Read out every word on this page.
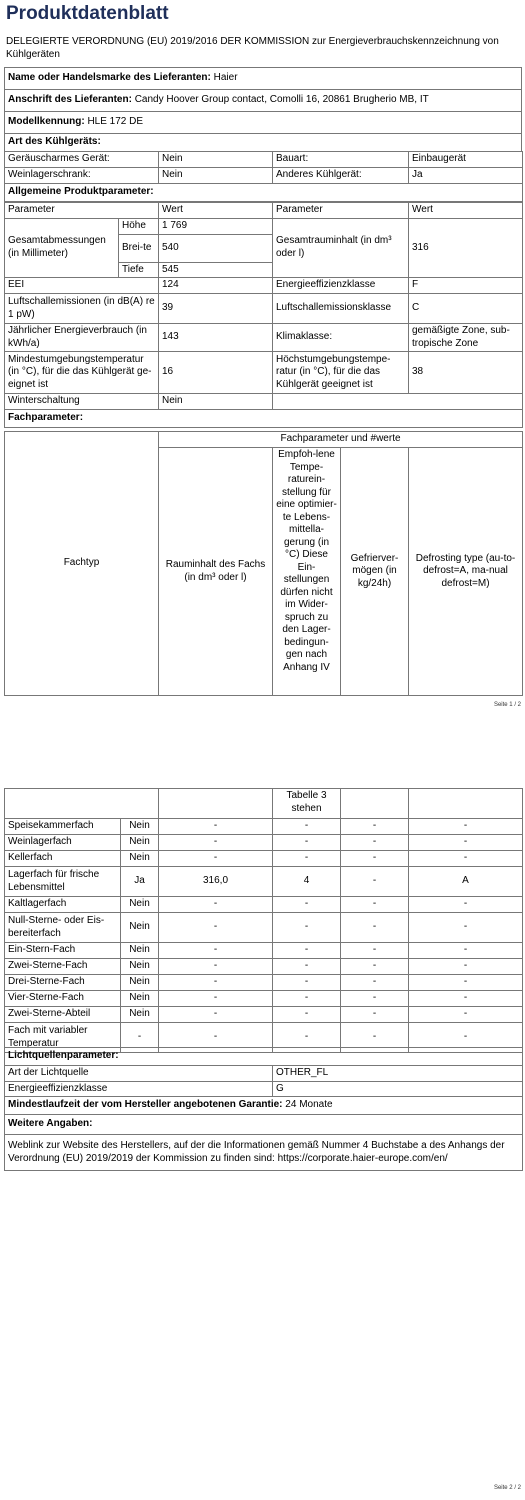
Produktdatenblatt
DELEGIERTE VERORDNUNG (EU) 2019/2016 DER KOMMISSION zur Energieverbrauchskennzeichnung von Kühlgeräten
Name oder Handelsmarke des Lieferanten: Haier
Anschrift des Lieferanten: Candy Hoover Group contact, Comolli 16, 20861 Brugherio MB, IT
Modellkennung: HLE 172 DE
Art des Kühlgeräts:
Geräuscharmes Gerät:	Nein	Bauart:	Einbaugerät
Weinlagerschrank:	Nein	Anderes Kühlgerät:	Ja
Allgemeine Produktparameter:			
Parameter		Wert	Parameter	Wert
Gesamtabmessungen (in Millimeter)	Höhe	1 769	Gesamtrauminhalt (in dm³ oder l)	316
	Brei-te	540		
	Tiefe	545		
EEI		124	Energieeffizienzklasse	F
Luftschallemissionen (in dB(A) re 1 pW)		39	Luftschallemissionsklasse	C
Jährlicher Energieverbrauch (in kWh/a)		143	Klimaklasse:	gemäßigte Zone, sub-tropische Zone
Mindestumgebungstemperatur (in °C), für die das Kühlgerät ge-eignet ist		16	Höchstumgebungstempe-ratur (in °C), für die das Kühlgerät geeignet ist	38
Winterschaltung		Nein		
Fachparameter:				
Fachtyp	Fachparameter und #werte			
	Rauminhalt des Fachs (in dm³ oder l)	Empfoh-lene Tempe-raturein-stellung für eine optimier-te Lebens-mittella-gerung (in °C) Diese Ein-stellungen dürfen nicht im Wider-spruch zu den Lager-bedingun-gen nach Anhang IV	Gefrierver-mögen (in kg/24h)	Defrosting type (au-to-defrost=A, ma-nual defrost=M)
Seite 1 / 2
			Tabelle 3 stehen		
Speisekammerfach	Nein	-	-	-	-
Weinlagerfach	Nein	-	-	-	-
Kellerfach	Nein	-	-	-	-
Lagerfach für frische Lebensmittel	Ja	316,0	4	-	A
Kaltlagerfach	Nein	-	-	-	-
Null-Sterne- oder Eis-bereiterfach	Nein	-	-	-	-
Ein-Stern-Fach	Nein	-	-	-	-
Zwei-Sterne-Fach	Nein	-	-	-	-
Drei-Sterne-Fach	Nein	-	-	-	-
Vier-Sterne-Fach	Nein	-	-	-	-
Zwei-Sterne-Abteil	Nein	-	-	-	-
Fach mit variabler Temperatur	-	-	-	-	-
Lichtquellenparameter:	
Art der Lichtquelle	OTHER_FL
Energieeffizienzklasse	G
Mindestlaufzeit der vom Hersteller angebotenen Garantie: 24 Monate	
Weitere Angaben:	
Weblink zur Website des Herstellers, auf der die Informationen gemäß Nummer 4 Buchstabe a des Anhangs der Verordnung (EU) 2019/2019 der Kommission zu finden sind: https://corporate.haier-europe.com/en/	
Seite 2 / 2
